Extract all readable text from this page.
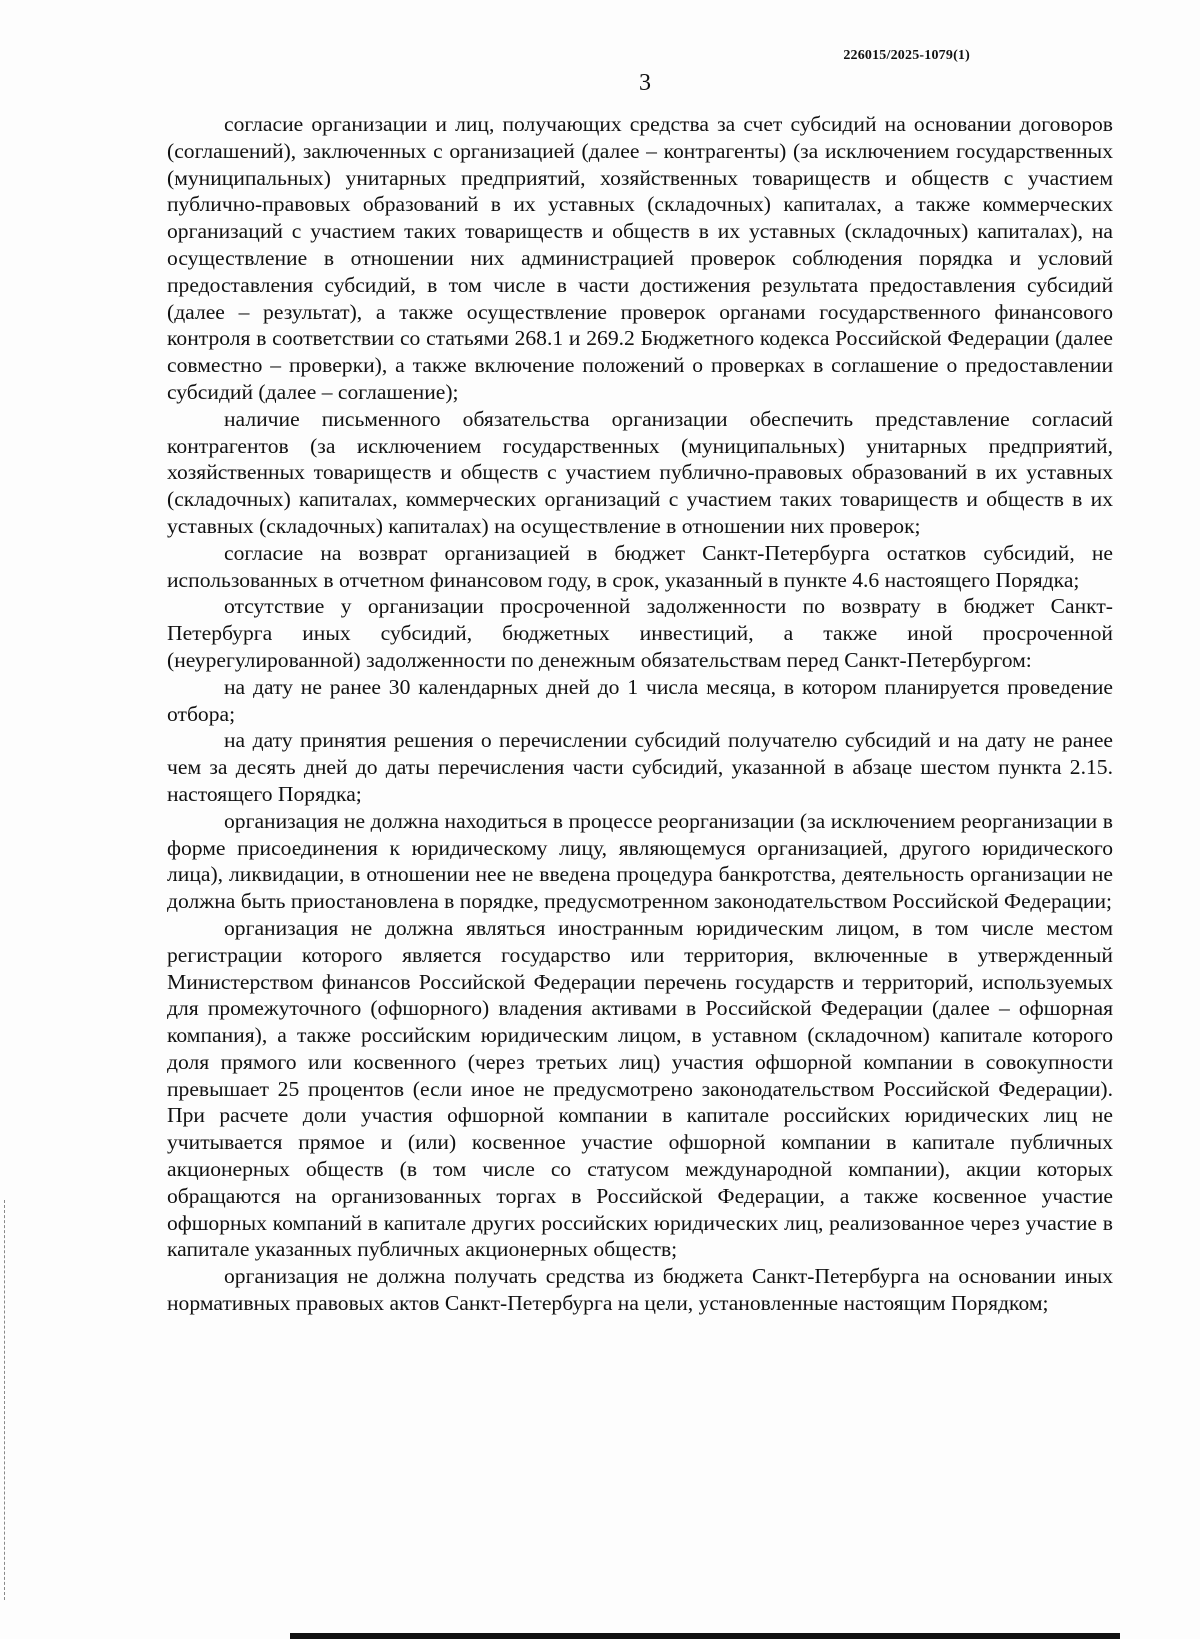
226015/2025-1079(1)
3

согласие организации и лиц, получающих средства за счет субсидий на основании договоров (соглашений), заключенных с организацией (далее – контрагенты) (за исключением государственных (муниципальных) унитарных предприятий, хозяйственных товариществ и обществ с участием публично-правовых образований в их уставных (складочных) капиталах, а также коммерческих организаций с участием таких товариществ и обществ в их уставных (складочных) капиталах), на осуществление в отношении них администрацией проверок соблюдения порядка и условий предоставления субсидий, в том числе в части достижения результата предоставления субсидий (далее – результат), а также осуществление проверок органами государственного финансового контроля в соответствии со статьями 268.1 и 269.2 Бюджетного кодекса Российской Федерации (далее совместно – проверки), а также включение положений о проверках в соглашение о предоставлении субсидий (далее – соглашение);

наличие письменного обязательства организации обеспечить представление согласий контрагентов (за исключением государственных (муниципальных) унитарных предприятий, хозяйственных товариществ и обществ с участием публично-правовых образований в их уставных (складочных) капиталах, коммерческих организаций с участием таких товариществ и обществ в их уставных (складочных) капиталах) на осуществление в отношении них проверок;

согласие на возврат организацией в бюджет Санкт-Петербурга остатков субсидий, не использованных в отчетном финансовом году, в срок, указанный в пункте 4.6 настоящего Порядка;

отсутствие у организации просроченной задолженности по возврату в бюджет Санкт-Петербурга иных субсидий, бюджетных инвестиций, а также иной просроченной (неурегулированной) задолженности по денежным обязательствам перед Санкт-Петербургом:

на дату не ранее 30 календарных дней до 1 числа месяца, в котором планируется проведение отбора;

на дату принятия решения о перечислении субсидий получателю субсидий и на дату не ранее чем за десять дней до даты перечисления части субсидий, указанной в абзаце шестом пункта 2.15. настоящего Порядка;

организация не должна находиться в процессе реорганизации (за исключением реорганизации в форме присоединения к юридическому лицу, являющемуся организацией, другого юридического лица), ликвидации, в отношении нее не введена процедура банкротства, деятельность организации не должна быть приостановлена в порядке, предусмотренном законодательством Российской Федерации;

организация не должна являться иностранным юридическим лицом, в том числе местом регистрации которого является государство или территория, включенные в утвержденный Министерством финансов Российской Федерации перечень государств и территорий, используемых для промежуточного (офшорного) владения активами в Российской Федерации (далее – офшорная компания), а также российским юридическим лицом, в уставном (складочном) капитале которого доля прямого или косвенного (через третьих лиц) участия офшорной компании в совокупности превышает 25 процентов (если иное не предусмотрено законодательством Российской Федерации). При расчете доли участия офшорной компании в капитале российских юридических лиц не учитывается прямое и (или) косвенное участие офшорной компании в капитале публичных акционерных обществ (в том числе со статусом международной компании), акции которых обращаются на организованных торгах в Российской Федерации, а также косвенное участие офшорных компаний в капитале других российских юридических лиц, реализованное через участие в капитале указанных публичных акционерных обществ;

организация не должна получать средства из бюджета Санкт-Петербурга на основании иных нормативных правовых актов Санкт-Петербурга на цели, установленные настоящим Порядком;
